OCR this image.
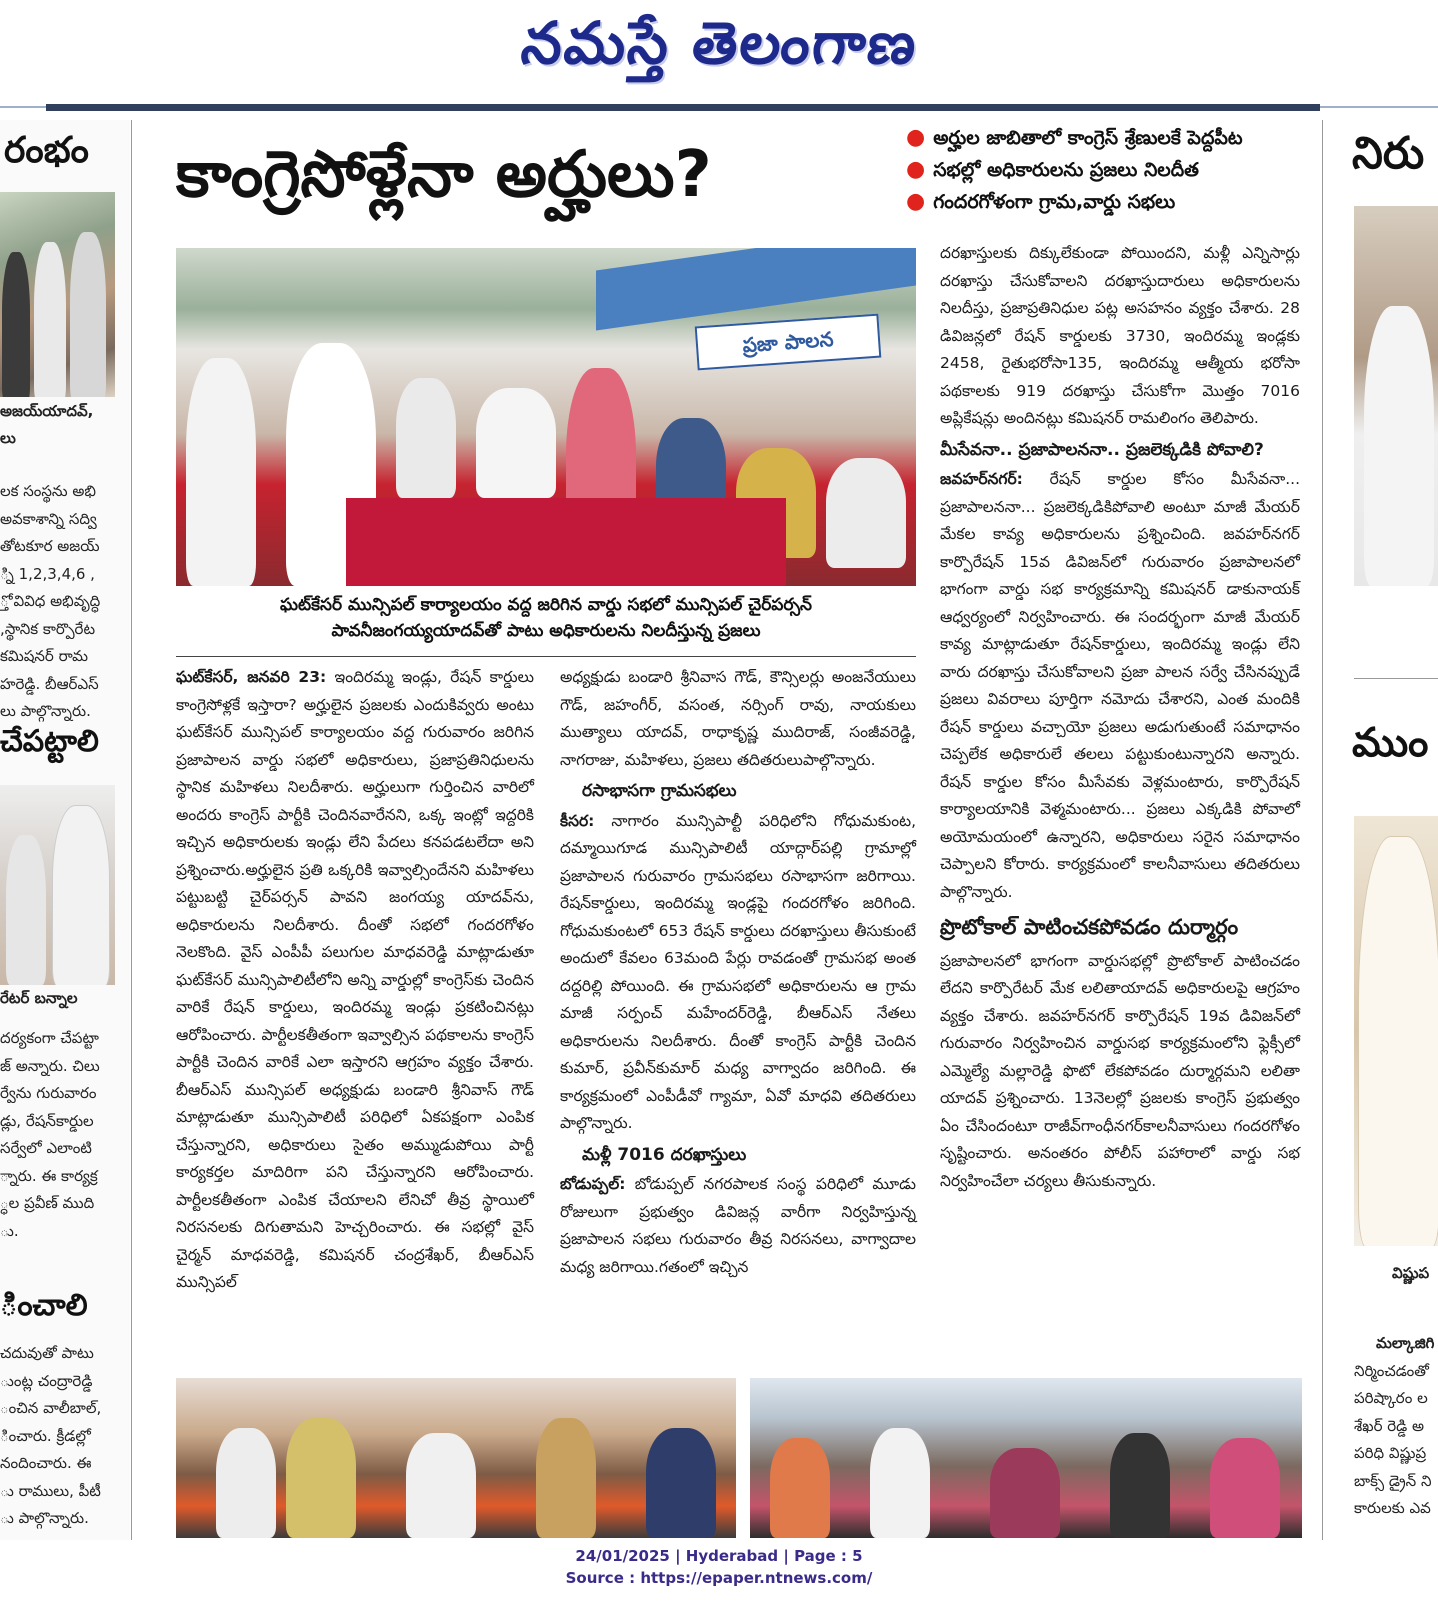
నమస్తే తెలంగాణ
రంభం
అజయ్‌యాదవ్,
లు
లక సంస్థను అభి
అవకాశాన్ని సద్వి
తోటకూర అజయ్
్ని 1,2,3,4,6 ,
్తో వివిధ అభివృద్ధి
,స్థానిక కార్పొరేట
కమిషనర్ రామ
హరెడ్డి. బీఆర్‌ఎస్
లు పాల్గొన్నారు.
చేపట్టాలి
రేటర్ బన్నాల
దర్యకంగా చేపట్టా
జ్ అన్నారు. చిలు
ర్వేను గురువారం
డ్లు, రేషన్‌కార్డుల
సర్వేలో ఎలాంటి
్నారు. ఈ కార్యక్ర
్ధల ప్రవీణ్ ముది
ు.
ించాలి
చదువుతో పాటు
ుంట్ల చంద్రారెడ్డి
ంచిన వాలీబాల్,
ించారు. క్రీడల్లో
నందించారు. ఈ
ు రాములు, పీటీ
ు పాల్గొన్నారు.
కాంగ్రెసోళ్లేనా అర్హులు?
● అర్హుల జాబితాలో కాంగ్రెస్ శ్రేణులకే పెద్దపీట
● సభల్లో అధికారులను ప్రజలు నిలదీత
● గందరగోళంగా గ్రామ,వార్డు సభలు
ప్రజా పాలన
ఘట్‌కేసర్ మున్సిపల్ కార్యాలయం వద్ద జరిగిన వార్డు సభలో మున్సిపల్ చైర్‌పర్సన్
పావనీజంగయ్యయాదవ్‌తో పాటు అధికారులను నిలదీస్తున్న ప్రజలు

ఘట్‌కేసర్, జనవరి 23: ఇందిరమ్మ ఇండ్లు, రేషన్ కార్డులు కాంగ్రెసోళ్లకే ఇస్తారా? అర్హులైన ప్రజలకు ఎందుకివ్వరు అంటు ఘట్‌కేసర్ మున్సిపల్ కార్యాలయం వద్ద గురువారం జరిగిన ప్రజాపాలన వార్డు సభలో అధికారులు, ప్రజాప్రతినిధులను స్థానిక మహిళలు నిలదీశారు. అర్హులుగా గుర్తించిన వారిలో అందరు కాంగ్రెస్ పార్టీకి చెందినవారేనని, ఒక్క ఇంట్లో ఇద్దరికి ఇచ్చిన అధికారులకు ఇండ్లు లేని పేదలు కనపడటలేదా అని ప్రశ్నించారు.అర్హులైన ప్రతి ఒక్కరికి ఇవ్వాల్సిందేనని మహిళలు పట్టుబట్టి చైర్‌పర్సన్ పావని జంగయ్య యాదవ్‌ను, అధికారులను నిలదీశారు. దీంతో సభలో గందరగోళం నెలకొంది. వైస్ ఎంపీపీ పలుగుల మాధవరెడ్డి మాట్లాడుతూ ఘట్‌కేసర్ మున్సిపాలిటీలోని అన్ని వార్డుల్లో కాంగ్రెస్‌కు చెందిన వారికే రేషన్ కార్డులు, ఇందిరమ్మ ఇండ్లు ప్రకటించినట్లు ఆరోపించారు. పార్టీలకతీతంగా ఇవ్వాల్సిన పథకాలను కాంగ్రెస్ పార్టీకి చెందిన వారికే ఎలా ఇస్తారని ఆగ్రహం వ్యక్తం చేశారు. బీఆర్‌ఎస్ మున్సిపల్ అధ్యక్షుడు బండారి శ్రీనివాస్ గౌడ్ మాట్లాడుతూ మున్సిపాలిటీ పరిధిలో ఏకపక్షంగా ఎంపిక చేస్తున్నారని, అధికారులు సైతం అమ్ముడుపోయి పార్టీ కార్యకర్తల మాదిరిగా పని చేస్తున్నారని ఆరోపించారు. పార్టీలకతీతంగా ఎంపిక చేయాలని లేనిచో తీవ్ర స్థాయిలో నిరసనలకు దిగుతామని హెచ్చరించారు. ఈ సభల్లో వైస్ చైర్మన్ మాధవరెడ్డి, కమిషనర్ చంద్రశేఖర్, బీఆర్‌ఎస్ మున్సిపల్

అధ్యక్షుడు బండారి శ్రీనివాస గౌడ్, కౌన్సిలర్లు అంజనేయులు గౌడ్, జహంగీర్, వసంత, నర్సింగ్ రావు, నాయకులు ముత్యాలు యాదవ్, రాధాకృష్ణ ముదిరాజ్, సంజీవరెడ్డి, నాగరాజు, మహిళలు, ప్రజలు తదితరులుపాల్గొన్నారు.

రసాభాసగా గ్రామసభలు

కీసర: నాగారం మున్సిపాల్టీ పరిధిలోని గోధుమకుంట, దమ్మాయిగూడ మున్సిపాలిటీ యాద్గార్‌పల్లి గ్రామాల్లో ప్రజాపాలన గురువారం గ్రామసభలు రసాభాసగా జరిగాయి. రేషన్‌కార్డులు, ఇందిరమ్మ ఇండ్లపై గందరగోళం జరిగింది. గోధుమకుంటలో 653 రేషన్ కార్డులు దరఖాస్తులు తీసుకుంటే అందులో కేవలం 63మంది పేర్లు రావడంతో గ్రామసభ అంత దద్దరిల్లి పోయింది. ఈ గ్రామసభలో అధికారులను ఆ గ్రామ మాజీ సర్పంచ్ మహేందర్‌రెడ్డి, బీఆర్‌ఎస్ నేతలు అధికారులను నిలదీశారు. దీంతో కాంగ్రెస్ పార్టీకి చెందిన కుమార్, ప్రవీన్‌కుమార్ మధ్య వాగ్వాదం జరిగింది. ఈ కార్యక్రమంలో ఎంపీడీవో గ్యామా, ఏవో మాధవి తదితరులు పాల్గొన్నారు.

మళ్లీ 7016 దరఖాస్తులు

బోడుప్పల్: బోడుప్పల్ నగరపాలక సంస్థ పరిధిలో మూడు రోజులుగా ప్రభుత్వం డివిజన్ల వారీగా నిర్వహిస్తున్న ప్రజాపాలన సభలు గురువారం తీవ్ర నిరసనలు, వాగ్వాదాల మధ్య జరిగాయి.గతంలో ఇచ్చిన

దరఖాస్తులకు దిక్కులేకుండా పోయిందని, మళ్లీ ఎన్నిసార్లు దరఖాస్తు చేసుకోవాలని దరఖాస్తుదారులు అధికారులను నిలదీస్తు, ప్రజాప్రతినిధుల పట్ల అసహనం వ్యక్తం చేశారు. 28 డివిజన్లలో రేషన్ కార్డులకు 3730, ఇందిరమ్మ ఇండ్లకు 2458, రైతుభరోసా135, ఇందిరమ్మ ఆత్మీయ భరోసా పథకాలకు 919 దరఖాస్తు చేసుకోగా మొత్తం 7016 అప్లికేషన్లు అందినట్లు కమిషనర్ రామలింగం తెలిపారు.

మీసేవనా.. ప్రజాపాలననా.. ప్రజలెక్కడికి పోవాలి?

జవహర్‌నగర్: రేషన్ కార్డుల కోసం మీసేవనా... ప్రజాపాలననా... ప్రజలెక్కడికిపోవాలి అంటూ మాజీ మేయర్ మేకల కావ్య అధికారులను ప్రశ్నించింది. జవహర్‌నగర్ కార్పొరేషన్ 15వ డివిజన్‌లో గురువారం ప్రజాపాలనలో భాగంగా వార్డు సభ కార్యక్రమాన్ని కమిషనర్ డాకునాయక్ ఆధ్వర్యంలో నిర్వహించారు. ఈ సందర్భంగా మాజీ మేయర్ కావ్య మాట్లాడుతూ రేషన్‌కార్డులు, ఇందిరమ్మ ఇండ్లు లేని వారు దరఖాస్తు చేసుకోవాలని ప్రజా పాలన సర్వే చేసినప్పుడే ప్రజలు వివరాలు పూర్తిగా నమోదు చేశారని, ఎంత మందికి రేషన్ కార్డులు వచ్చాయో ప్రజలు అడుగుతుంటే సమాధానం చెప్పలేక అధికారులే తలలు పట్టుకుంటున్నారని అన్నారు. రేషన్ కార్డుల కోసం మీసేవకు వెళ్లమంటారు, కార్పొరేషన్ కార్యాలయానికి వెళ్మమంటారు... ప్రజలు ఎక్కడికి పోవాలో అయోమయంలో ఉన్నారని, అధికారులు సరైన సమాధానం చెప్పాలని కోరారు. కార్యక్రమంలో కాలనీవాసులు తదితరులు పాల్గొన్నారు.

ప్రొటోకాల్ పాటించకపోవడం దుర్మార్గం

ప్రజాపాలనలో భాగంగా వార్డుసభల్లో ప్రొటోకాల్ పాటించడం లేదని కార్పొరేటర్ మేక లలితాయాదవ్ అధికారులపై ఆగ్రహం వ్యక్తం చేశారు. జవహర్‌నగర్ కార్పొరేషన్ 19వ డివిజన్‌లో గురువారం నిర్వహించిన వార్డుసభ కార్యక్రమంలోని ఫ్లెక్సీలో ఎమ్మెల్యే మల్లారెడ్డి ఫొటో లేకపోవడం దుర్మార్గమని లలితా యాదవ్ ప్రశ్నించారు. 13నెలల్లో ప్రజలకు కాంగ్రెస్ ప్రభుత్వం ఏం చేసిందంటూ రాజీవ్‌గాంధీనగర్‌కాలనీవాసులు గందరగోళం సృష్టించారు. అనంతరం పోలీస్ పహారాలో వార్డు సభ నిర్వహించేలా చర్యలు తీసుకున్నారు.

నిరు
ముం
విష్ణుప
మల్కాజిగి
నిర్మించడంతో
పరిష్కారం ల
శేఖర్ రెడ్డి అ
పరిధి విష్ణుప్ర
బాక్స్ డ్రైన్ ని
కారులకు ఎవ
24/01/2025 | Hyderabad | Page : 5
Source : https://epaper.ntnews.com/
